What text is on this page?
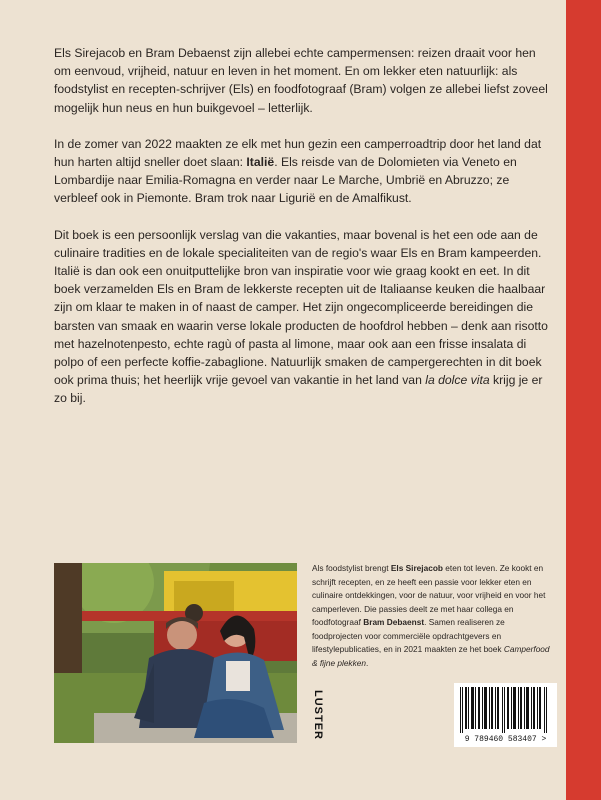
Els Sirejacob en Bram Debaenst zijn allebei echte campermensen: reizen draait voor hen om eenvoud, vrijheid, natuur en leven in het moment. En om lekker eten natuurlijk: als foodstylist en recepten-schrijver (Els) en foodfotograaf (Bram) volgen ze allebei liefst zoveel mogelijk hun neus en hun buikgevoel – letterlijk.

In de zomer van 2022 maakten ze elk met hun gezin een camperroadtrip door het land dat hun harten altijd sneller doet slaan: Italië. Els reisde van de Dolomieten via Veneto en Lombardije naar Emilia-Romagna en verder naar Le Marche, Umbrië en Abruzzo; ze verbleef ook in Piemonte. Bram trok naar Ligurië en de Amalfikust.

Dit boek is een persoonlijk verslag van die vakanties, maar bovenal is het een ode aan de culinaire tradities en de lokale specialiteiten van de regio's waar Els en Bram kampeerden. Italië is dan ook een onuitputtelijke bron van inspiratie voor wie graag kookt en eet. In dit boek verzamelden Els en Bram de lekkerste recepten uit de Italiaanse keuken die haalbaar zijn om klaar te maken in of naast de camper. Het zijn ongecompliceerde bereidingen die barsten van smaak en waarin verse lokale producten de hoofdrol hebben – denk aan risotto met hazelnotenpesto, echte ragù of pasta al limone, maar ook aan een frisse insalata di polpo of een perfecte koffie-zabaglione. Natuurlijk smaken de campergerechten in dit boek ook prima thuis; het heerlijk vrije gevoel van vakantie in het land van la dolce vita krijg je er zo bij.

Als foodstylist brengt Els Sirejacob eten tot leven. Ze kookt en schrijft recepten, en ze heeft een passie voor lekker eten en culinaire ontdekkingen, voor de natuur, voor vrijheid en voor het camperleven. Die passies deelt ze met haar collega en foodfotograaf Bram Debaenst. Samen realiseren ze foodprojecten voor commerciële opdrachtgevers en lifestylepublicaties, en in 2021 maakten ze het boek Camperfood & fijne plekken.

LUSTER	9 789460 583407 >
